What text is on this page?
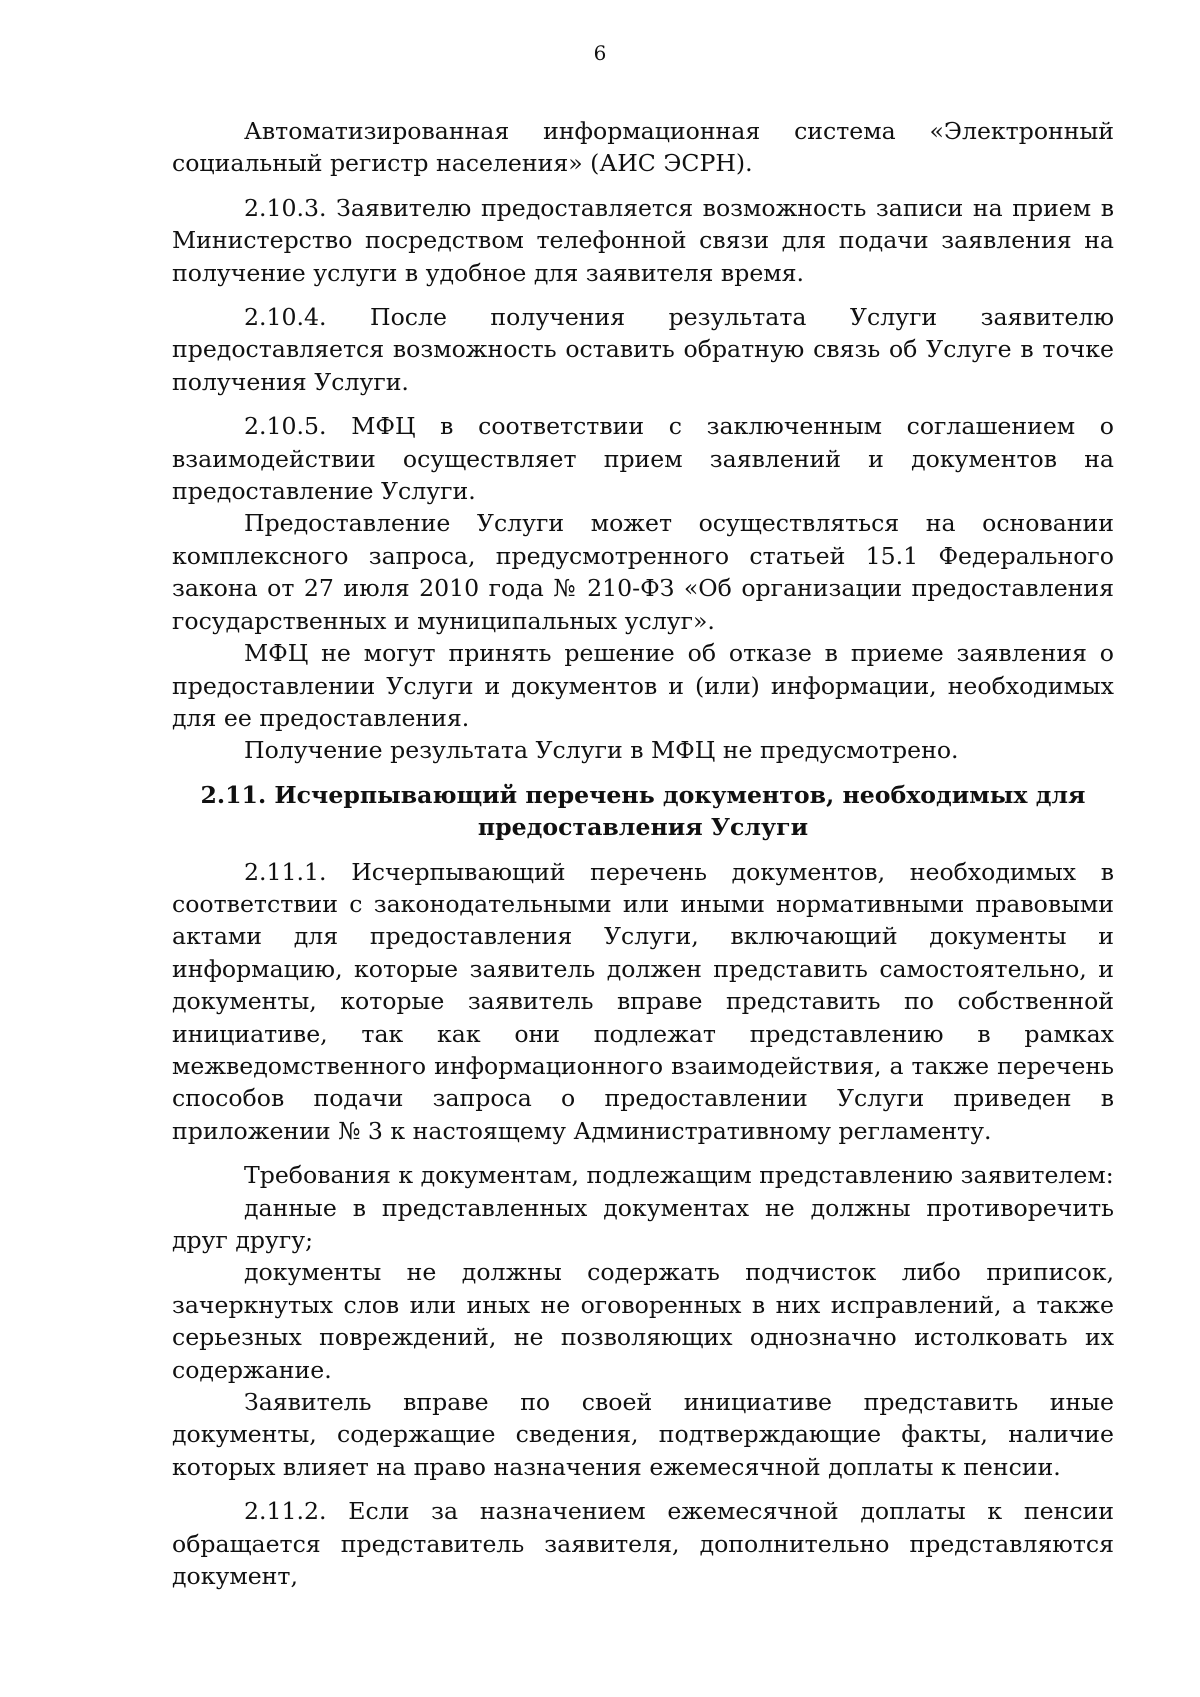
6

Автоматизированная информационная система «Электронный социальный регистр населения» (АИС ЭСРН).

2.10.3. Заявителю предоставляется возможность записи на прием в Министерство посредством телефонной связи для подачи заявления на получение услуги в удобное для заявителя время.

2.10.4. После получения результата Услуги заявителю предоставляется возможность оставить обратную связь об Услуге в точке получения Услуги.

2.10.5. МФЦ в соответствии с заключенным соглашением о взаимодействии осуществляет прием заявлений и документов на предоставление Услуги.

Предоставление Услуги может осуществляться на основании комплексного запроса, предусмотренного статьей 15.1 Федерального закона от 27 июля 2010 года № 210-ФЗ «Об организации предоставления государственных и муниципальных услуг».

МФЦ не могут принять решение об отказе в приеме заявления о предоставлении Услуги и документов и (или) информации, необходимых для ее предоставления.

Получение результата Услуги в МФЦ не предусмотрено.

2.11. Исчерпывающий перечень документов, необходимых для
предоставления Услуги

2.11.1. Исчерпывающий перечень документов, необходимых в соответствии с законодательными или иными нормативными правовыми актами для предоставления Услуги, включающий документы и информацию, которые заявитель должен представить самостоятельно, и документы, которые заявитель вправе представить по собственной инициативе, так как они подлежат представлению в рамках межведомственного информационного взаимодействия, а также перечень способов подачи запроса о предоставлении Услуги приведен в приложении № 3 к настоящему Административному регламенту.

Требования к документам, подлежащим представлению заявителем:

данные в представленных документах не должны противоречить друг другу;

документы не должны содержать подчисток либо приписок, зачеркнутых слов или иных не оговоренных в них исправлений, а также серьезных повреждений, не позволяющих однозначно истолковать их содержание.

Заявитель вправе по своей инициативе представить иные документы, содержащие сведения, подтверждающие факты, наличие которых влияет на право назначения ежемесячной доплаты к пенсии.

2.11.2. Если за назначением ежемесячной доплаты к пенсии обращается представитель заявителя, дополнительно представляются документ,
